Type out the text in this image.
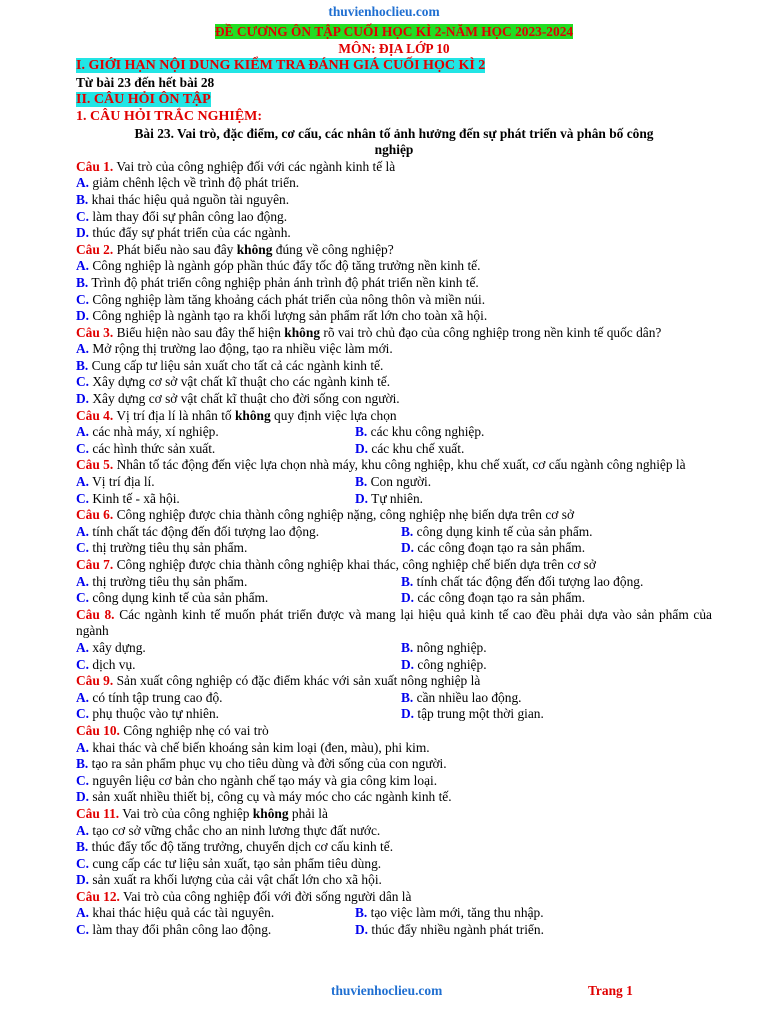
thuvienhoclieu.com
ĐỀ CƯƠNG ÔN TẬP CUỐI HỌC KÌ 2-NĂM HỌC 2023-2024
MÔN: ĐỊA LỚP 10
I. GIỚI HẠN NỘI DUNG KIỂM TRA ĐÁNH GIÁ CUỐI HỌC KÌ 2
Từ bài 23 đến hết bài 28
II. CÂU HỎI ÔN TẬP
1. CÂU HỎI TRẮC NGHIỆM:
Bài 23. Vai trò, đặc điểm, cơ cấu, các nhân tố ảnh hưởng đến sự phát triển và phân bố công
nghiệp
Câu 1. Vai trò của công nghiệp đối với các ngành kinh tế là
A. giảm chênh lệch về trình độ phát triển.
B. khai thác hiệu quả nguồn tài nguyên.
C. làm thay đổi sự phân công lao động.
D. thúc đẩy sự phát triển của các ngành.
Câu 2. Phát biểu nào sau đây không đúng về công nghiệp?
A. Công nghiệp là ngành góp phần thúc đẩy tốc độ tăng trưởng nền kinh tế.
B. Trình độ phát triển công nghiệp phản ánh trình độ phát triển nền kinh tế.
C. Công nghiệp làm tăng khoảng cách phát triển của nông thôn và miền núi.
D. Công nghiệp là ngành tạo ra khối lượng sản phẩm rất lớn cho toàn xã hội.
Câu 3. Biểu hiện nào sau đây thể hiện không rõ vai trò chủ đạo của công nghiệp trong nền kinh tế quốc dân?
A. Mở rộng thị trường lao động, tạo ra nhiều việc làm mới.
B. Cung cấp tư liệu sản xuất cho tất cả các ngành kinh tế.
C. Xây dựng cơ sở vật chất kĩ thuật cho các ngành kinh tế.
D. Xây dựng cơ sở vật chất kĩ thuật cho đời sống con người.
Câu 4. Vị trí địa lí là nhân tố không quy định việc lựa chọn
A. các nhà máy, xí nghiệp.	B. các khu công nghiệp.
C. các hình thức sản xuất.	D. các khu chế xuất.
Câu 5. Nhân tố tác động đến việc lựa chọn nhà máy, khu công nghiệp, khu chế xuất, cơ cấu ngành công nghiệp là
A. Vị trí địa lí.	B. Con người.
C. Kinh tế - xã hội.	D. Tự nhiên.
Câu 6. Công nghiệp được chia thành công nghiệp nặng, công nghiệp nhẹ biến dựa trên cơ sở
A. tính chất tác động đến đối tượng lao động.	B. công dụng kinh tế của sản phẩm.
C. thị trường tiêu thụ sản phẩm.	D. các công đoạn tạo ra sản phẩm.
Câu 7. Công nghiệp được chia thành công nghiệp khai thác, công nghiệp chế biến dựa trên cơ sở
A. thị trường tiêu thụ sản phẩm.	B. tính chất tác động đến đối tượng lao động.
C. công dụng kinh tế của sản phẩm.	D. các công đoạn tạo ra sản phẩm.
Câu 8. Các ngành kinh tế muốn phát triển được và mang lại hiệu quả kinh tế cao đều phải dựa vào sản phẩm của ngành
A. xây dựng.	B. nông nghiệp.
C. dịch vụ.	D. công nghiệp.
Câu 9. Sản xuất công nghiệp có đặc điểm khác với sản xuất nông nghiệp là
A. có tính tập trung cao độ.	B. cần nhiều lao động.
C. phụ thuộc vào tự nhiên.	D. tập trung một thời gian.
Câu 10. Công nghiệp nhẹ có vai trò
A. khai thác và chế biến khoáng sản kim loại (đen, màu), phi kim.
B. tạo ra sản phẩm phục vụ cho tiêu dùng và đời sống của con người.
C. nguyên liệu cơ bản cho ngành chế tạo máy và gia công kim loại.
D. sản xuất nhiều thiết bị, công cụ và máy móc cho các ngành kinh tế.
Câu 11. Vai trò của công nghiệp không phải là
A. tạo cơ sở vững chắc cho an ninh lương thực đất nước.
B. thúc đẩy tốc độ tăng trưởng, chuyển dịch cơ cấu kinh tế.
C. cung cấp các tư liệu sản xuất, tạo sản phẩm tiêu dùng.
D. sản xuất ra khối lượng của cải vật chất lớn cho xã hội.
Câu 12. Vai trò của công nghiệp đối với đời sống người dân là
A. khai thác hiệu quả các tài nguyên.	B. tạo việc làm mới, tăng thu nhập.
C. làm thay đổi phân công lao động.	D. thúc đẩy nhiều ngành phát triển.
thuvienhoclieu.com	Trang 1
